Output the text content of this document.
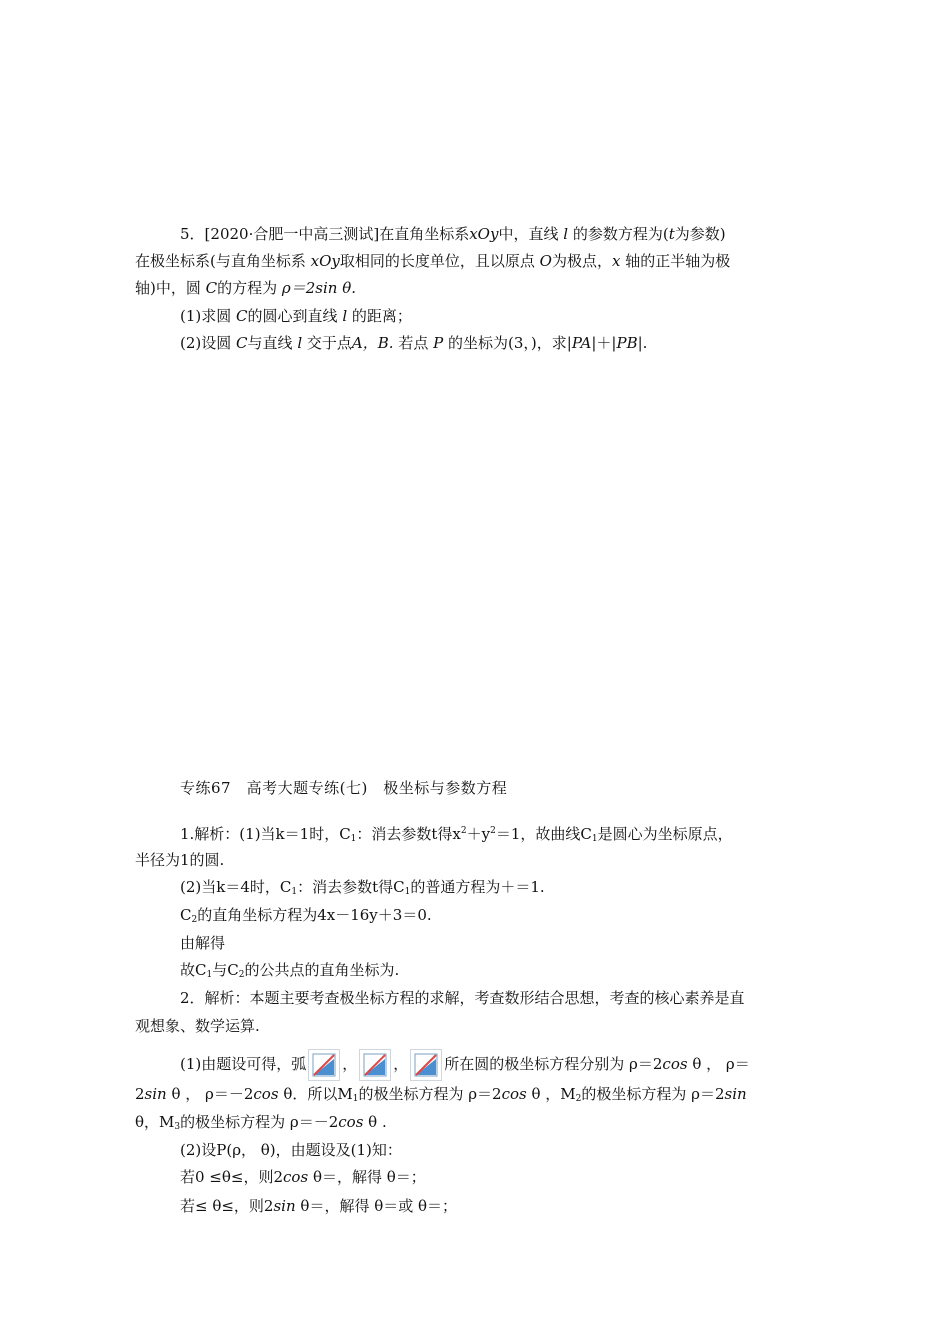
5．[2020·合肥一中高三测试]在直角坐标系xOy中，直线 l 的参数方程为(t为参数)
在极坐标系(与直角坐标系 xOy取相同的长度单位，且以原点 O为极点，x 轴的正半轴为极
轴)中，圆 C的方程为 ρ＝2sin θ.
(1)求圆 C的圆心到直线 l 的距离；
(2)设圆 C与直线 l 交于点A，B. 若点 P 的坐标为(3，)，求|PA|＋|PB|.
专练67　高考大题专练(七)　极坐标与参数方程
1.解析：(1)当k＝1时，$C_1$：消去参数t得$x^2+y^2=1$，故曲线$C_1$是圆心为坐标原点，
半径为1的圆.
(2)当k＝4时，$C_1$：消去参数t得$C_1$的普通方程为＋＝1.
$C_2$的直角坐标方程为4x－16y＋3＝0.
由解得
故$C_1$与$C_2$的公共点的直角坐标为.
2．解析：本题主要考查极坐标方程的求解，考查数形结合思想，考查的核心素养是直
观想象、数学运算.
(1)由题设可得，弧 ， ， 所在圆的极坐标方程分别为 ρ＝2cos θ ， ρ＝
2sin θ ， ρ＝－2cos θ．所以$M_1$的极坐标方程为 ρ＝2cos θ ，$M_2$的极坐标方程为 ρ＝2sin
θ，$M_3$的极坐标方程为 ρ＝－2cos θ .
(2)设P(ρ， θ)，由题设及(1)知：
若0 ≤θ≤，则2cos θ＝，解得 θ＝；
若≤ θ≤，则2sin θ＝，解得 θ＝或 θ＝；
